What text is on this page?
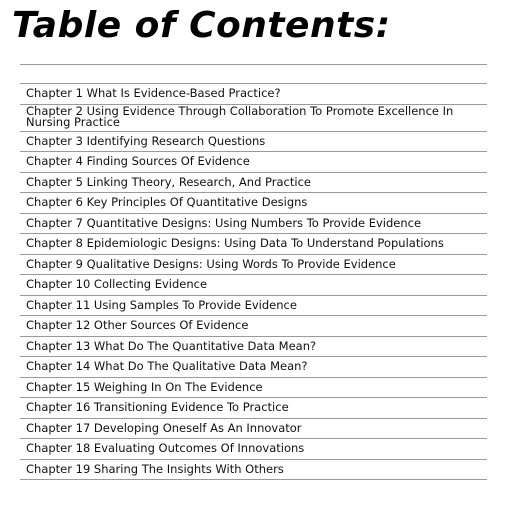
Table of Contents:
Chapter 1 What Is Evidence-Based Practice?
Chapter 2 Using Evidence Through Collaboration To Promote Excellence In Nursing Practice
Chapter 3 Identifying Research Questions
Chapter 4 Finding Sources Of Evidence
Chapter 5 Linking Theory, Research, And Practice
Chapter 6 Key Principles Of Quantitative Designs
Chapter 7 Quantitative Designs: Using Numbers To Provide Evidence
Chapter 8 Epidemiologic Designs: Using Data To Understand Populations
Chapter 9 Qualitative Designs: Using Words To Provide Evidence
Chapter 10 Collecting Evidence
Chapter 11 Using Samples To Provide Evidence
Chapter 12 Other Sources Of Evidence
Chapter 13 What Do The Quantitative Data Mean?
Chapter 14 What Do The Qualitative Data Mean?
Chapter 15 Weighing In On The Evidence
Chapter 16 Transitioning Evidence To Practice
Chapter 17 Developing Oneself As An Innovator
Chapter 18 Evaluating Outcomes Of Innovations
Chapter 19 Sharing The Insights With Others
